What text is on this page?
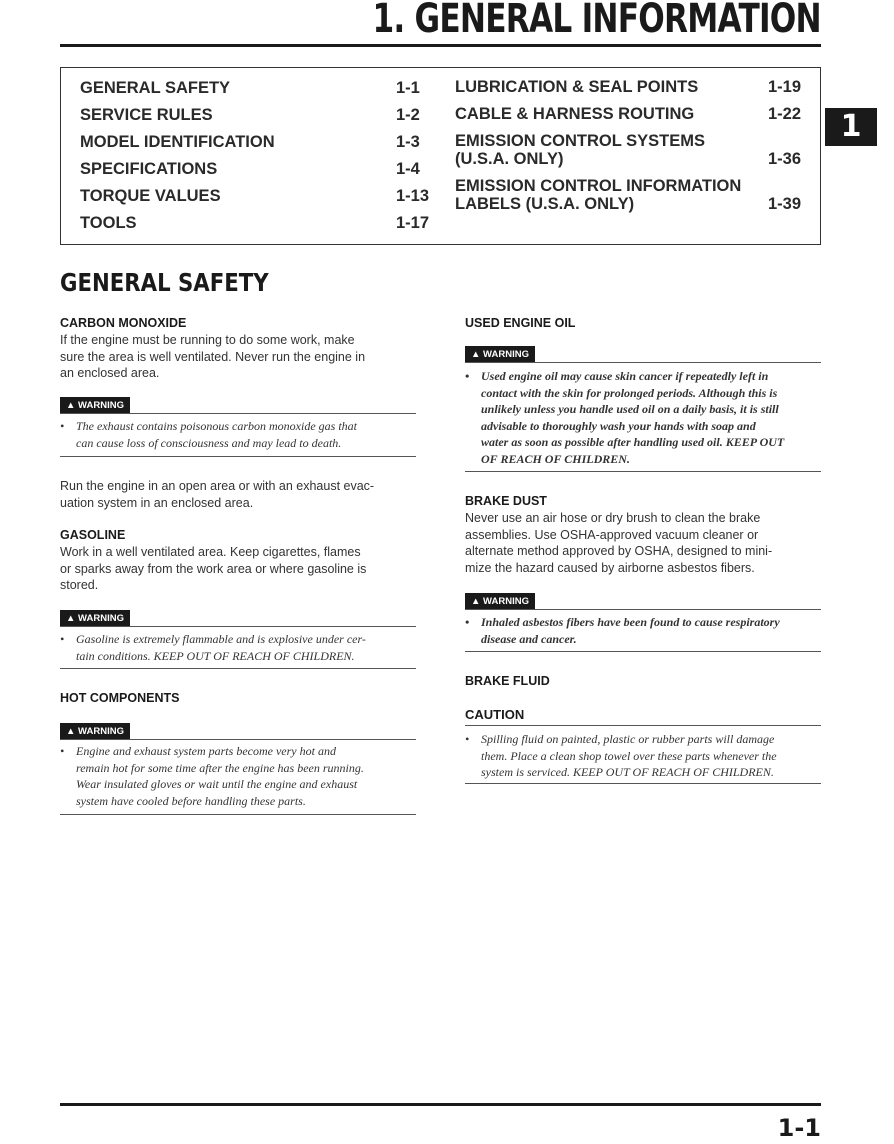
1. GENERAL INFORMATION
GENERAL SAFETY	1-1
SERVICE RULES	1-2
MODEL IDENTIFICATION	1-3
SPECIFICATIONS	1-4
TORQUE VALUES	1-13
TOOLS	1-17
LUBRICATION & SEAL POINTS	1-19
CABLE & HARNESS ROUTING	1-22
EMISSION CONTROL SYSTEMS
(U.S.A. ONLY)	1-36
EMISSION CONTROL INFORMATION
LABELS (U.S.A. ONLY)	1-39
1
GENERAL SAFETY
CARBON MONOXIDE
If the engine must be running to do some work, make
sure the area is well ventilated. Never run the engine in
an enclosed area.
▲ WARNING
• The exhaust contains poisonous carbon monoxide gas that
can cause loss of consciousness and may lead to death.
Run the engine in an open area or with an exhaust evac-
uation system in an enclosed area.
GASOLINE
Work in a well ventilated area. Keep cigarettes, flames
or sparks away from the work area or where gasoline is
stored.
▲ WARNING
• Gasoline is extremely flammable and is explosive under cer-
tain conditions. KEEP OUT OF REACH OF CHILDREN.
HOT COMPONENTS
▲ WARNING
• Engine and exhaust system parts become very hot and
remain hot for some time after the engine has been running.
Wear insulated gloves or wait until the engine and exhaust
system have cooled before handling these parts.
USED ENGINE OIL
▲ WARNING
• Used engine oil may cause skin cancer if repeatedly left in
contact with the skin for prolonged periods. Although this is
unlikely unless you handle used oil on a daily basis, it is still
advisable to thoroughly wash your hands with soap and
water as soon as possible after handling used oil. KEEP OUT
OF REACH OF CHILDREN.
BRAKE DUST
Never use an air hose or dry brush to clean the brake
assemblies. Use OSHA-approved vacuum cleaner or
alternate method approved by OSHA, designed to mini-
mize the hazard caused by airborne asbestos fibers.
▲ WARNING
• Inhaled asbestos fibers have been found to cause respiratory
disease and cancer.
BRAKE FLUID
CAUTION
• Spilling fluid on painted, plastic or rubber parts will damage
them. Place a clean shop towel over these parts whenever the
system is serviced. KEEP OUT OF REACH OF CHILDREN.
1-1
